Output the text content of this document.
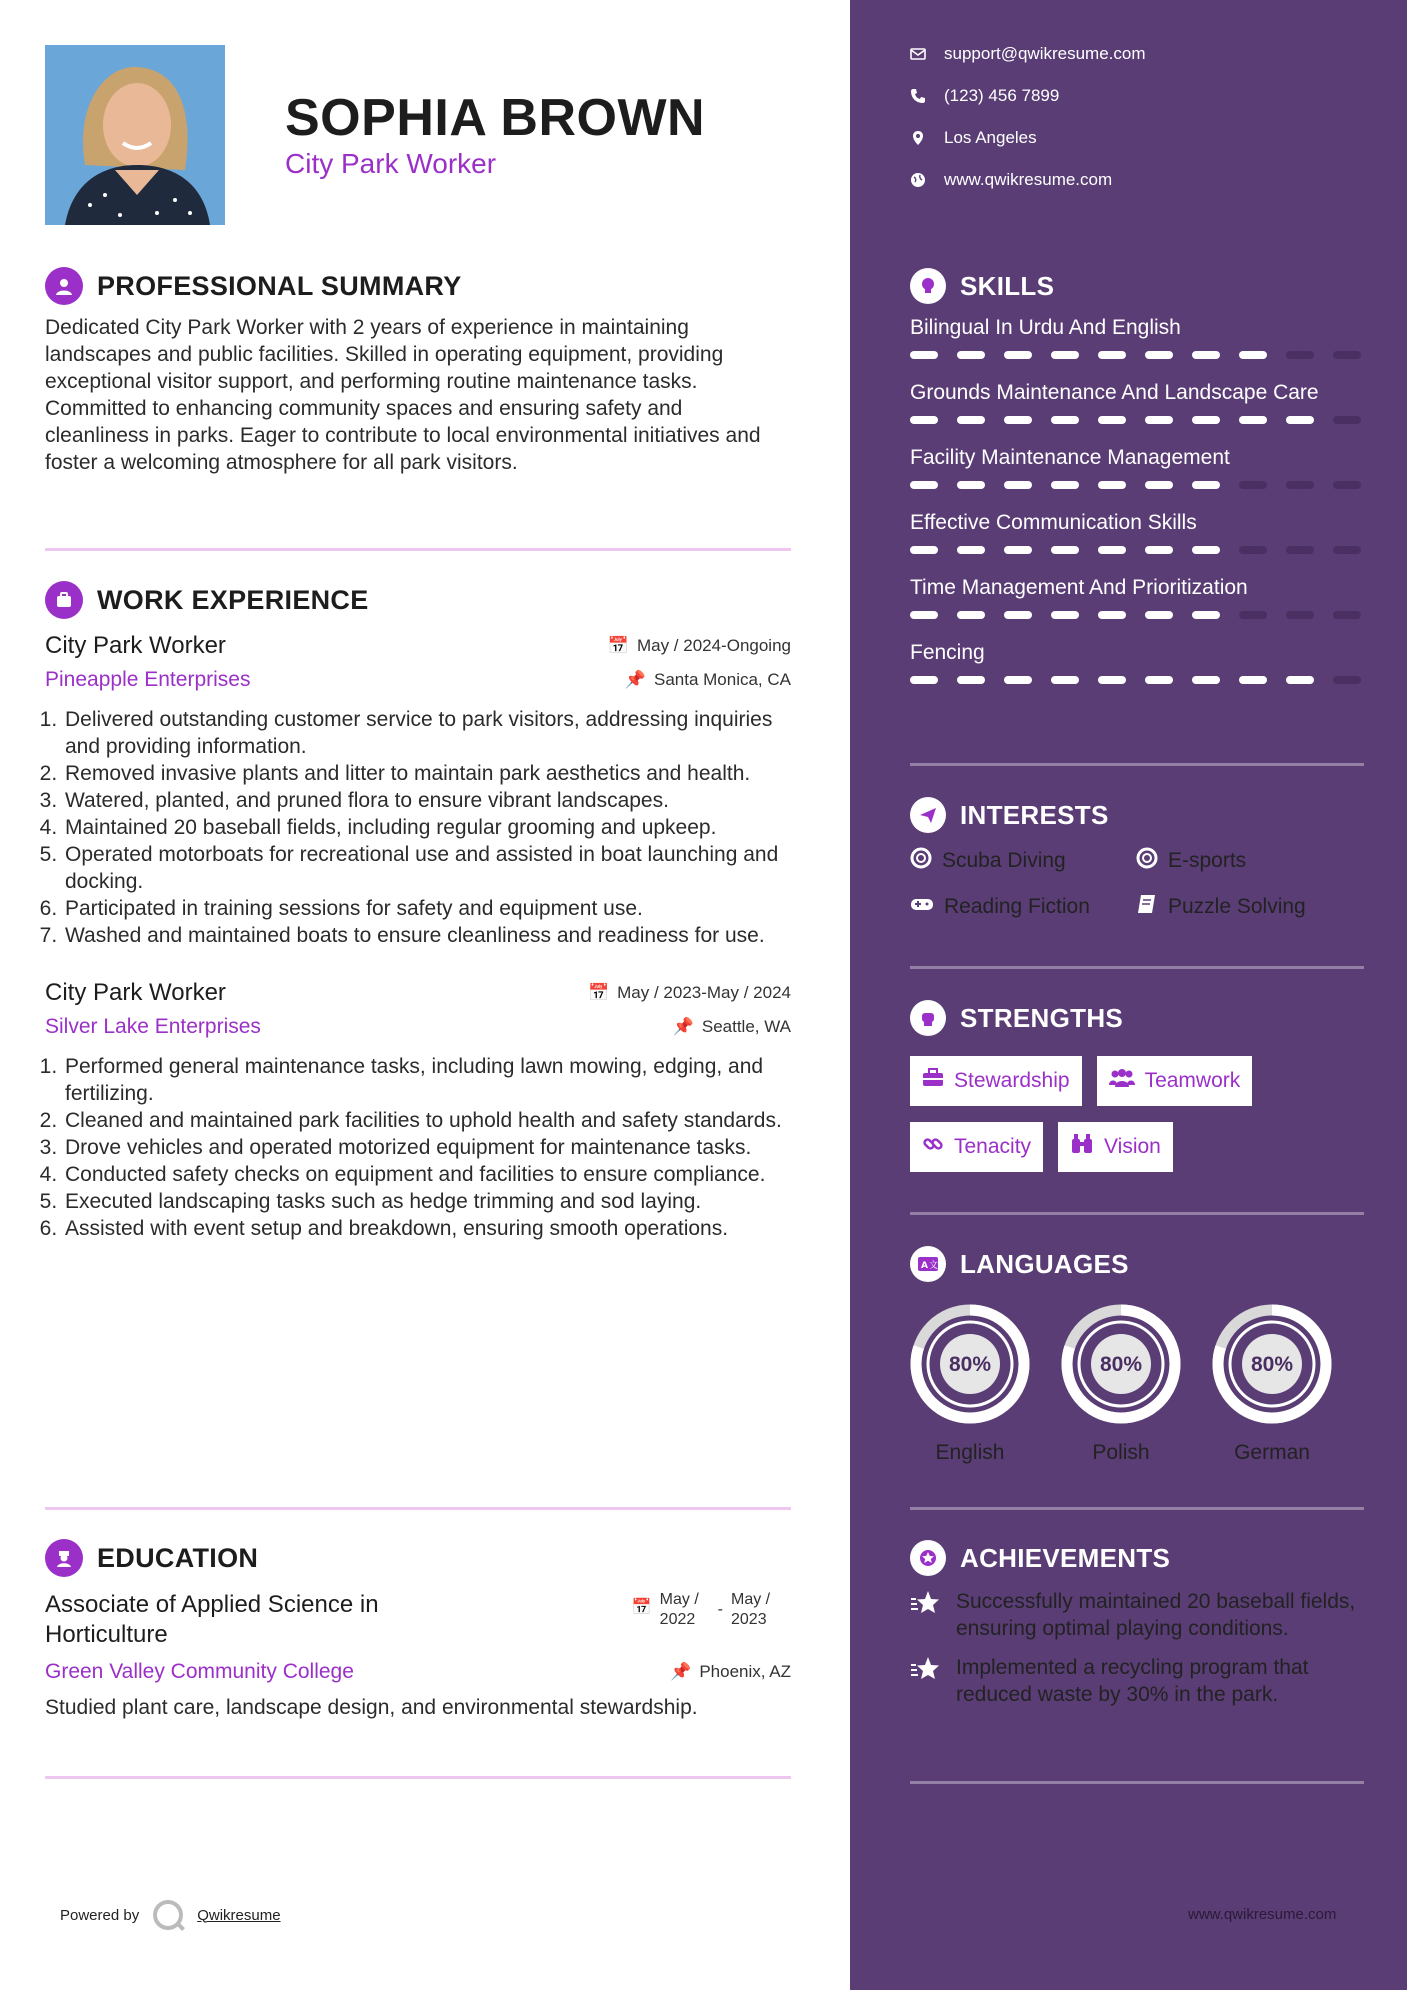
SOPHIA BROWN
City Park Worker
PROFESSIONAL SUMMARY
Dedicated City Park Worker with 2 years of experience in maintaining landscapes and public facilities. Skilled in operating equipment, providing exceptional visitor support, and performing routine maintenance tasks. Committed to enhancing community spaces and ensuring safety and cleanliness in parks. Eager to contribute to local environmental initiatives and foster a welcoming atmosphere for all park visitors.
WORK EXPERIENCE
City Park Worker	📅 May / 2024-Ongoing
Pineapple Enterprises	📌 Santa Monica, CA
1. Delivered outstanding customer service to park visitors, addressing inquiries and providing information.
2. Removed invasive plants and litter to maintain park aesthetics and health.
3. Watered, planted, and pruned flora to ensure vibrant landscapes.
4. Maintained 20 baseball fields, including regular grooming and upkeep.
5. Operated motorboats for recreational use and assisted in boat launching and docking.
6. Participated in training sessions for safety and equipment use.
7. Washed and maintained boats to ensure cleanliness and readiness for use.
City Park Worker	📅 May / 2023-May / 2024
Silver Lake Enterprises	📌 Seattle, WA
1. Performed general maintenance tasks, including lawn mowing, edging, and fertilizing.
2. Cleaned and maintained park facilities to uphold health and safety standards.
3. Drove vehicles and operated motorized equipment for maintenance tasks.
4. Conducted safety checks on equipment and facilities to ensure compliance.
5. Executed landscaping tasks such as hedge trimming and sod laying.
6. Assisted with event setup and breakdown, ensuring smooth operations.
EDUCATION
Associate of Applied Science in Horticulture
📅 May / 2022
-
May / 2023
Green Valley Community College	📌 Phoenix, AZ
Studied plant care, landscape design, and environmental stewardship.
Powered by	Qwikresume
support@qwikresume.com
(123) 456 7899
Los Angeles
www.qwikresume.com
SKILLS
Bilingual In Urdu And English
Grounds Maintenance And Landscape Care
Facility Maintenance Management
Effective Communication Skills
Time Management And Prioritization
Fencing
INTERESTS
Scuba Diving	E-sports
Reading Fiction	Puzzle Solving
STRENGTHS
Stewardship	Teamwork
Tenacity	Vision
A 文 LANGUAGES
80%
English
80%
Polish
80%
German
ACHIEVEMENTS
Successfully maintained 20 baseball fields, ensuring optimal playing conditions.
Implemented a recycling program that reduced waste by 30% in the park.
www.qwikresume.com
